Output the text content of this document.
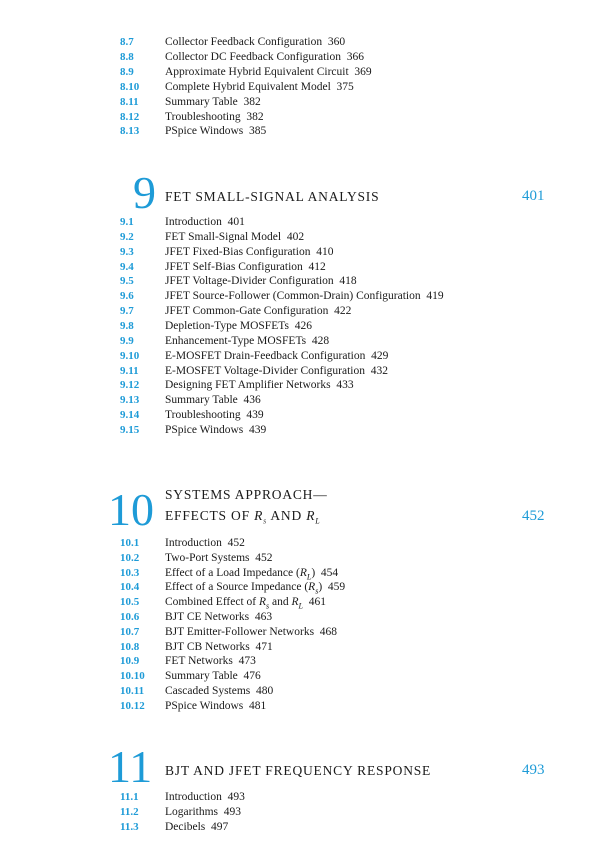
8.7	Collector Feedback Configuration  360
8.8	Collector DC Feedback Configuration  366
8.9	Approximate Hybrid Equivalent Circuit  369
8.10 Complete Hybrid Equivalent Model  375
8.11 Summary Table  382
8.12 Troubleshooting  382
8.13 PSpice Windows  385
9 FET SMALL-SIGNAL ANALYSIS	401
9.1	Introduction  401
9.2	FET Small-Signal Model  402
9.3	JFET Fixed-Bias Configuration  410
9.4	JFET Self-Bias Configuration  412
9.5	JFET Voltage-Divider Configuration  418
9.6	JFET Source-Follower (Common-Drain) Configuration  419
9.7	JFET Common-Gate Configuration  422
9.8	Depletion-Type MOSFETs  426
9.9	Enhancement-Type MOSFETs  428
9.10 E-MOSFET Drain-Feedback Configuration  429
9.11 E-MOSFET Voltage-Divider Configuration  432
9.12 Designing FET Amplifier Networks  433
9.13 Summary Table  436
9.14 Troubleshooting  439
9.15 PSpice Windows  439
10 SYSTEMS APPROACH—
EFFECTS OF $R_s$ AND $R_L$	452
10.1 Introduction  452
10.2 Two-Port Systems  452
10.3 Effect of a Load Impedance $(R_L)$  454
10.4 Effect of a Source Impedance $(R_s)$  459
10.5 Combined Effect of $R_s$ and $R_L$  461
10.6 BJT CE Networks  463
10.7 BJT Emitter-Follower Networks  468
10.8 BJT CB Networks  471
10.9 FET Networks  473
10.10 Summary Table  476
10.11 Cascaded Systems  480
10.12 PSpice Windows  481
11 BJT AND JFET FREQUENCY RESPONSE	493
11.1 Introduction  493
11.2 Logarithms  493
11.3 Decibels  497
